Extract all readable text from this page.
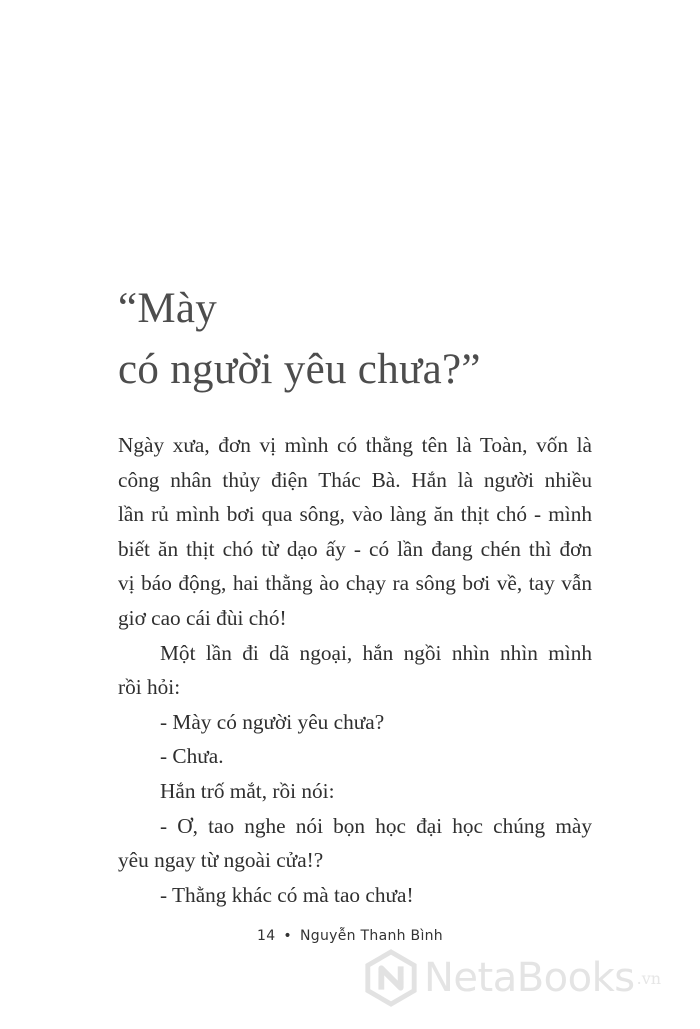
“Mày
có người yêu chưa?”
Ngày xưa, đơn vị mình có thằng tên là Toàn, vốn là
công nhân thủy điện Thác Bà. Hắn là người nhiều
lần rủ mình bơi qua sông, vào làng ăn thịt chó - mình
biết ăn thịt chó từ dạo ấy - có lần đang chén thì đơn
vị báo động, hai thằng ào chạy ra sông bơi về, tay vẫn
giơ cao cái đùi chó!
Một lần đi dã ngoại, hắn ngồi nhìn nhìn mình
rồi hỏi:
- Mày có người yêu chưa?
- Chưa.
Hắn trố mắt, rồi nói:
- Ơ, tao nghe nói bọn học đại học chúng mày
yêu ngay từ ngoài cửa!?
- Thằng khác có mà tao chưa!
14 • Nguyễn Thanh Bình
NetaBooks .vn
